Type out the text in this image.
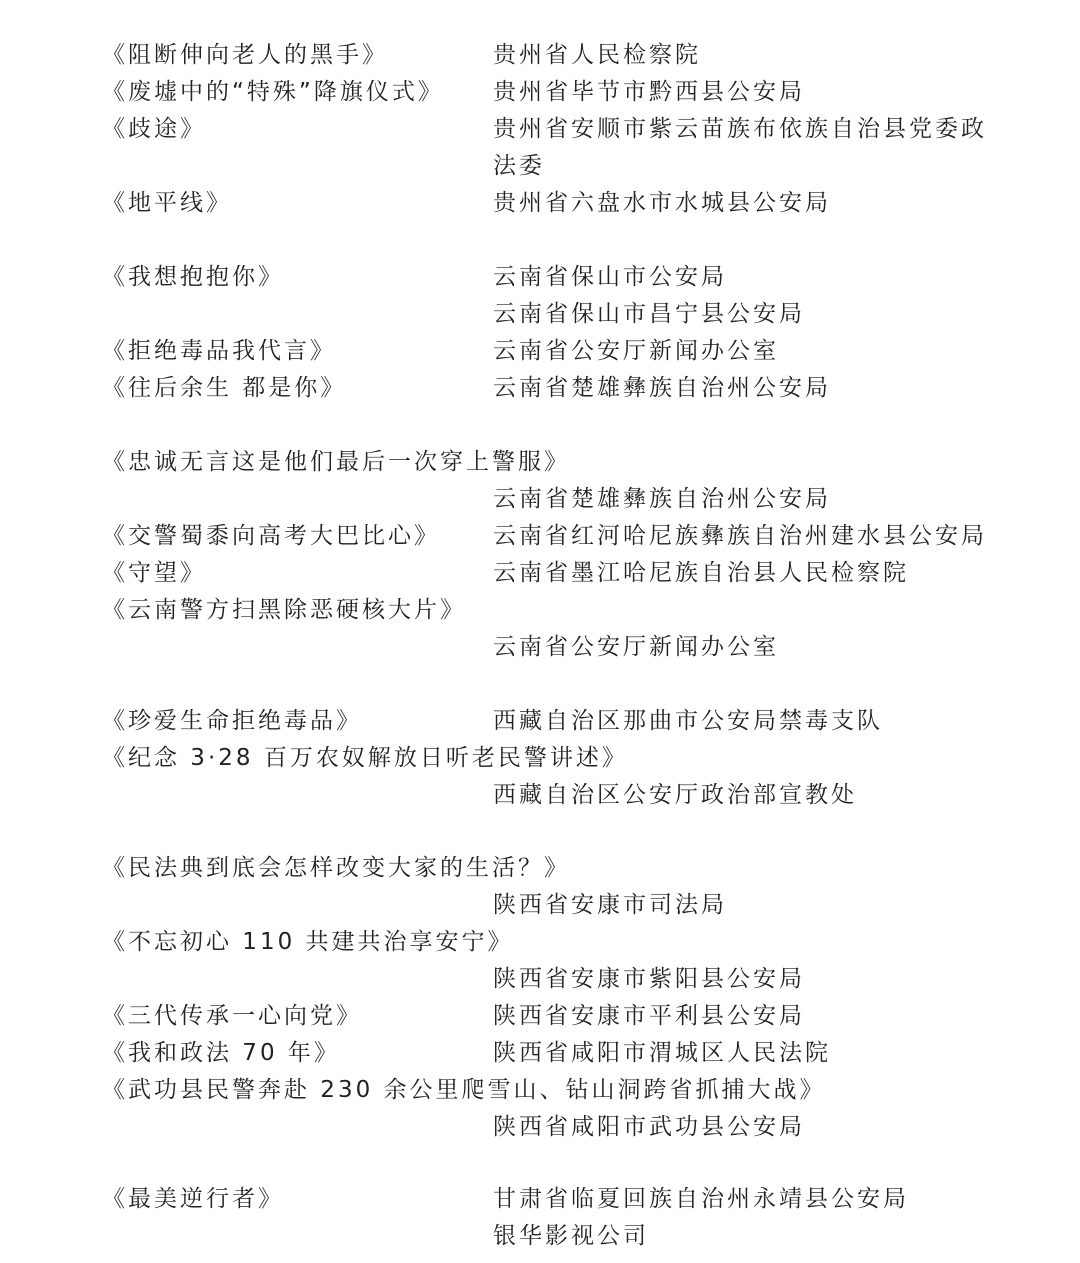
《阻断伸向老人的黑手》	贵州省人民检察院
《废墟中的“特殊”降旗仪式》 贵州省毕节市黔西县公安局
《歧途》	贵州省安顺市紫云苗族布依族自治县党委政
法委
《地平线》	贵州省六盘水市水城县公安局
《我想抱抱你》	云南省保山市公安局
云南省保山市昌宁县公安局
《拒绝毒品我代言》	云南省公安厅新闻办公室
《往后余生 都是你》	云南省楚雄彝族自治州公安局
《忠诚无言这是他们最后一次穿上警服》
云南省楚雄彝族自治州公安局
《交警蜀黍向高考大巴比心》 云南省红河哈尼族彝族自治州建水县公安局
《守望》	云南省墨江哈尼族自治县人民检察院
《云南警方扫黑除恶硬核大片》
云南省公安厅新闻办公室
《珍爱生命拒绝毒品》	西藏自治区那曲市公安局禁毒支队
《纪念 3·28 百万农奴解放日听老民警讲述》
西藏自治区公安厅政治部宣教处
《民法典到底会怎样改变大家的生活？》
陕西省安康市司法局
《不忘初心 110 共建共治享安宁》
陕西省安康市紫阳县公安局
《三代传承一心向党》	陕西省安康市平利县公安局
《我和政法 70 年》	陕西省咸阳市渭城区人民法院
《武功县民警奔赴 230 余公里爬雪山、钻山洞跨省抓捕大战》
陕西省咸阳市武功县公安局
《最美逆行者》	甘肃省临夏回族自治州永靖县公安局
银华影视公司
